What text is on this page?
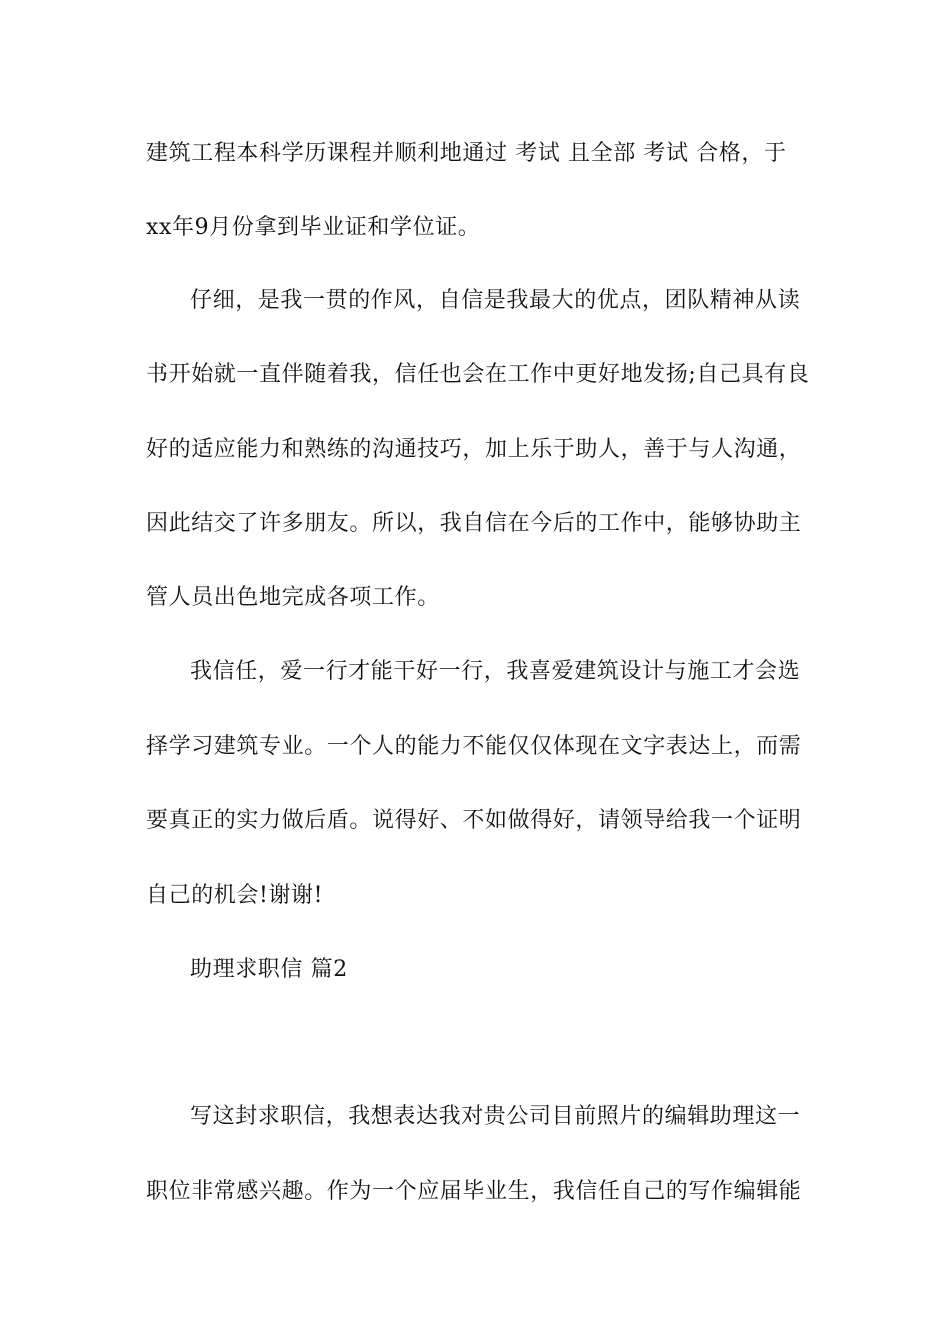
建筑工程本科学历课程并顺利地通过 考试 且全部 考试 合格，于
xx年9月份拿到毕业证和学位证。
仔细，是我一贯的作风，自信是我最大的优点，团队精神从读
书开始就一直伴随着我，信任也会在工作中更好地发扬;自己具有良
好的适应能力和熟练的沟通技巧，加上乐于助人，善于与人沟通，
因此结交了许多朋友。所以，我自信在今后的工作中，能够协助主
管人员出色地完成各项工作。
我信任，爱一行才能干好一行，我喜爱建筑设计与施工才会选
择学习建筑专业。一个人的能力不能仅仅体现在文字表达上，而需
要真正的实力做后盾。说得好、不如做得好，请领导给我一个证明
自己的机会!谢谢!
助理求职信 篇2
写这封求职信，我想表达我对贵公司目前照片的编辑助理这一
职位非常感兴趣。作为一个应届毕业生，我信任自己的写作编辑能
